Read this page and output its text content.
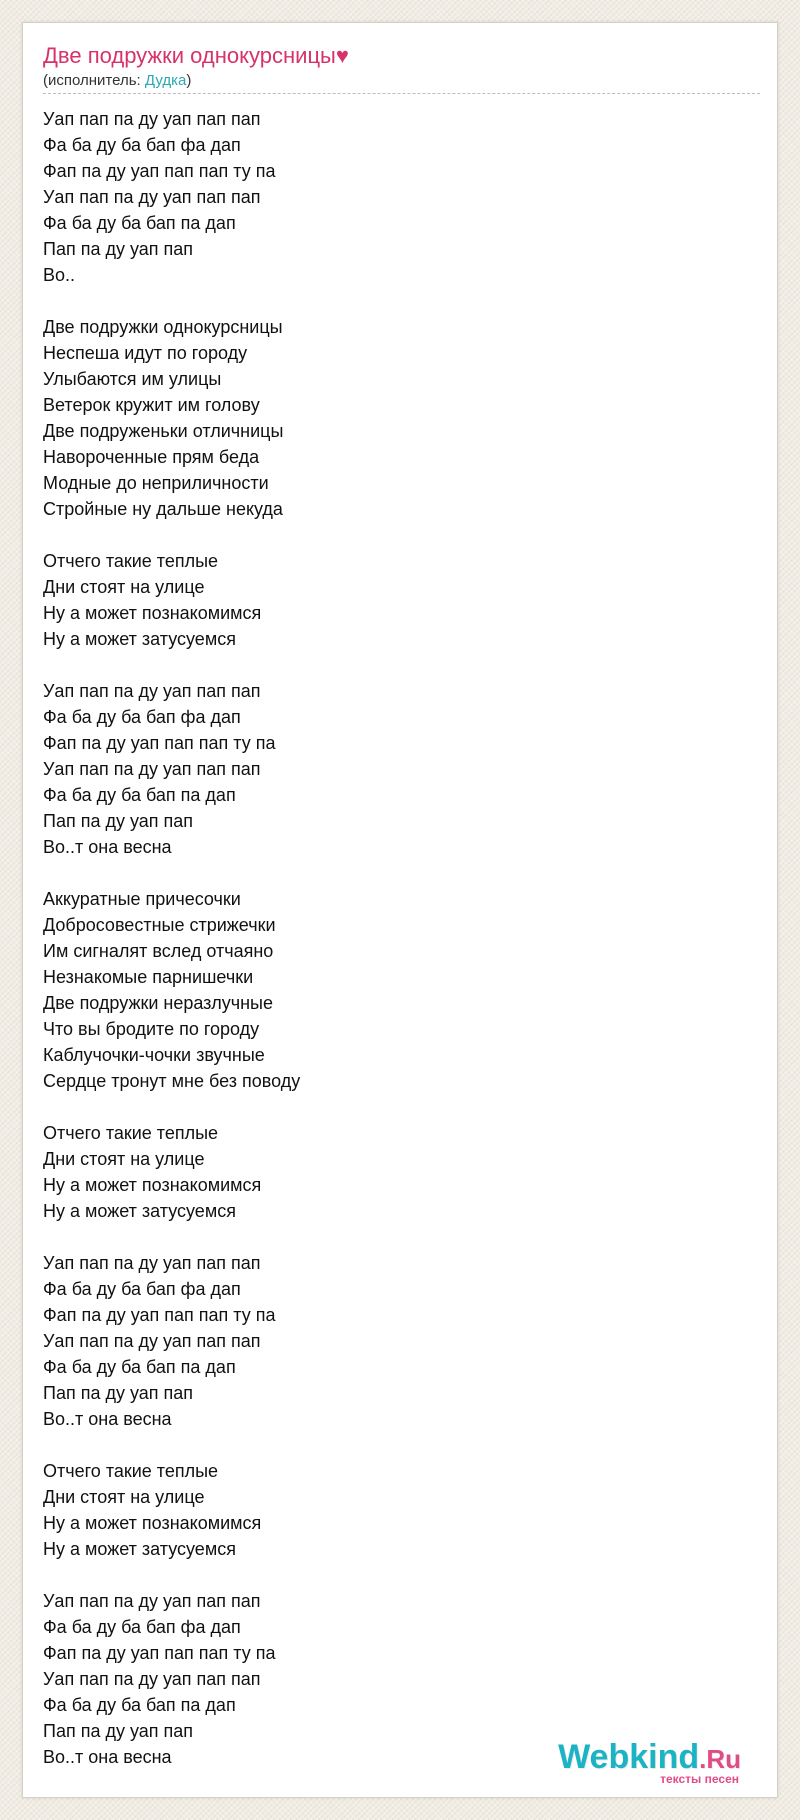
Две подружки однокурсницы♥
(исполнитель: Дудка)
Уап пап па ду уап пап пап
Фа ба ду ба бап фа дап
Фап па ду уап пап пап ту па
Уап пап па ду уап пап пап
Фа ба ду ба бап па дап
Пап па ду уап пап
Во..
Две подружки однокурсницы
Неспеша идут по городу
Улыбаются им улицы
Ветерок кружит им голову
Две подруженьки отличницы
Навороченные прям беда
Модные до неприличности
Стройные ну дальше некуда
Отчего такие теплые
Дни стоят на улице
Ну а может познакомимся
Ну а может затусуемся
Уап пап па ду уап пап пап
Фа ба ду ба бап фа дап
Фап па ду уап пап пап ту па
Уап пап па ду уап пап пап
Фа ба ду ба бап па дап
Пап па ду уап пап
Во..т она весна
Аккуратные причесочки
Добросовестные стрижечки
Им сигналят вслед отчаяно
Незнакомые парнишечки
Две подружки неразлучные
Что вы бродите по городу
Каблучочки-чочки звучные
Сердце тронут мне без поводу
Отчего такие теплые
Дни стоят на улице
Ну а может познакомимся
Ну а может затусуемся
Уап пап па ду уап пап пап
Фа ба ду ба бап фа дап
Фап па ду уап пап пап ту па
Уап пап па ду уап пап пап
Фа ба ду ба бап па дап
Пап па ду уап пап
Во..т она весна
Отчего такие теплые
Дни стоят на улице
Ну а может познакомимся
Ну а может затусуемся
Уап пап па ду уап пап пап
Фа ба ду ба бап фа дап
Фап па ду уап пап пап ту па
Уап пап па ду уап пап пап
Фа ба ду ба бап па дап
Пап па ду уап пап
Во..т она весна	Webkind.Ru
тексты песен
